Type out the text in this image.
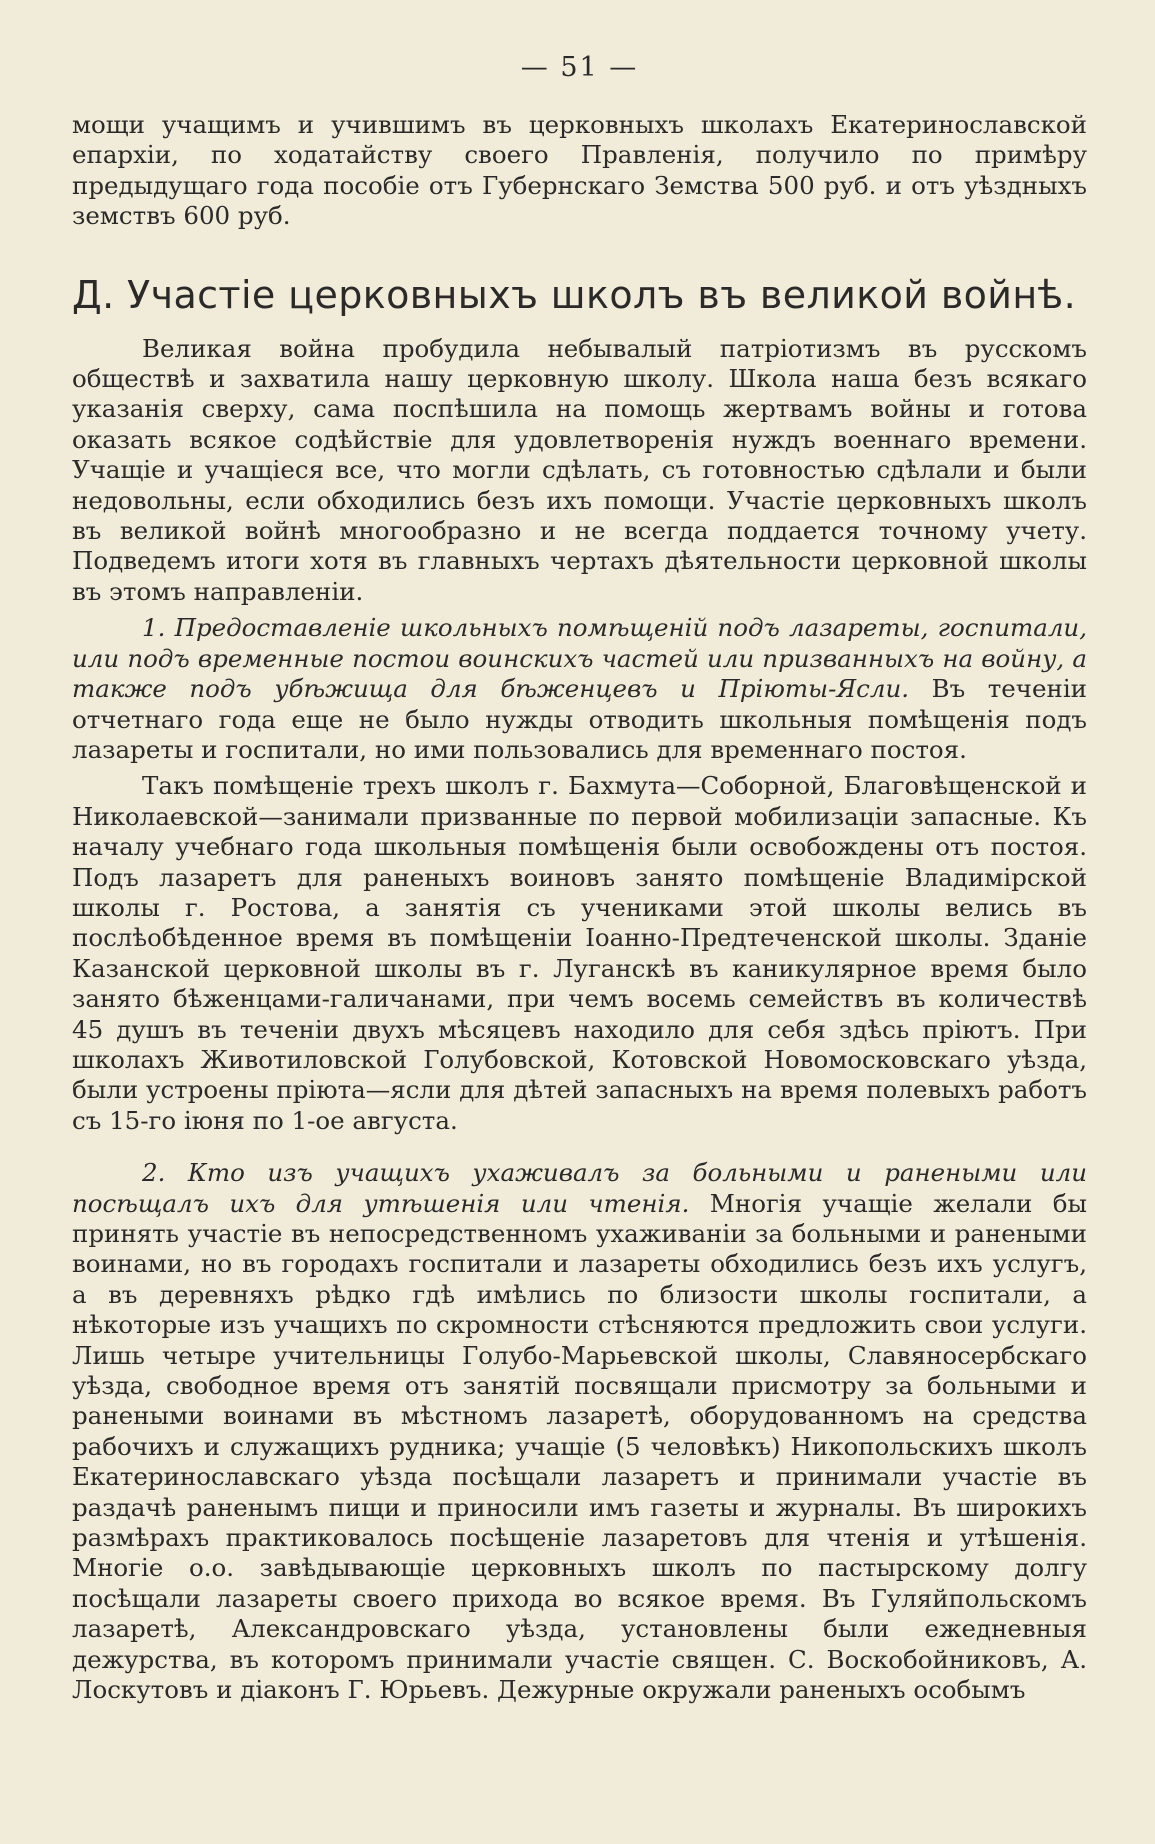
— 51 —

мощи учащимъ и учившимъ въ церковныхъ школахъ Екатеринославской епархіи, по ходатайству своего Правленія, получило по примѣру предыдущаго года пособіе отъ Губернскаго Земства 500 руб. и отъ уѣздныхъ земствъ 600 руб.

Д. Участіе церковныхъ школъ въ великой войнѣ.

Великая война пробудила небывалый патріотизмъ въ русскомъ обществѣ и захватила нашу церковную школу. Школа наша безъ всякаго указанія сверху, сама поспѣшила на помощь жертвамъ войны и готова оказать всякое содѣйствіе для удовлетворенія нуждъ военнаго времени. Учащіе и учащіеся все, что могли сдѣлать, съ готовностью сдѣлали и были недовольны, если обходились безъ ихъ помощи. Участіе церковныхъ школъ въ великой войнѣ многообразно и не всегда поддается точному учету. Подведемъ итоги хотя въ главныхъ чертахъ дѣятельности церковной школы въ этомъ направленіи.

1. Предоставленіе школьныхъ помѣщеній подъ лазареты, госпитали, или подъ временные постои воинскихъ частей или призванныхъ на войну, а также подъ убѣжища для бѣженцевъ и Пріюты-Ясли. Въ теченіи отчетнаго года еще не было нужды отводить школьныя помѣщенія подъ лазареты и госпитали, но ими пользовались для временнаго постоя.

Такъ помѣщеніе трехъ школъ г. Бахмута—Соборной, Благовѣщенской и Николаевской—занимали призванные по первой мобилизаціи запасные. Къ началу учебнаго года школьныя помѣщенія были освобождены отъ постоя. Подъ лазаретъ для раненыхъ воиновъ занято помѣщеніе Владимірской школы г. Ростова, а занятія съ учениками этой школы велись въ послѣобѣденное время въ помѣщеніи Іоанно-Предтеченской школы. Зданіе Казанской церковной школы въ г. Луганскѣ въ каникулярное время было занято бѣженцами-галичанами, при чемъ восемь семействъ въ количествѣ 45 душъ въ теченіи двухъ мѣсяцевъ находило для себя здѣсь пріютъ. При школахъ Животиловской Голубовской, Котовской Новомосковскаго уѣзда, были устроены пріюта—ясли для дѣтей запасныхъ на время полевыхъ работъ съ 15-го іюня по 1-ое августа.

2. Кто изъ учащихъ ухаживалъ за больными и ранеными или посѣщалъ ихъ для утѣшенія или чтенія. Многія учащіе желали бы принять участіе въ непосредственномъ ухаживаніи за больными и ранеными воинами, но въ городахъ госпитали и лазареты обходились безъ ихъ услугъ, а въ деревняхъ рѣдко гдѣ имѣлись по близости школы госпитали, а нѣкоторые изъ учащихъ по скромности стѣсняются предложить свои услуги. Лишь четыре учительницы Голубо-Марьевской школы, Славяносербскаго уѣзда, свободное время отъ занятій посвящали присмотру за больными и ранеными воинами въ мѣстномъ лазаретѣ, оборудованномъ на средства рабочихъ и служащихъ рудника; учащіе (5 человѣкъ) Никопольскихъ школъ Екатеринославскаго уѣзда посѣщали лазаретъ и принимали участіе въ раздачѣ раненымъ пищи и приносили имъ газеты и журналы. Въ широкихъ размѣрахъ практиковалось посѣщеніе лазаретовъ для чтенія и утѣшенія. Многіе о.о. завѣдывающіе церковныхъ школъ по пастырскому долгу посѣщали лазареты своего прихода во всякое время. Въ Гуляйпольскомъ лазаретѣ, Александровскаго уѣзда, установлены были ежедневныя дежурства, въ которомъ принимали участіе священ. С. Воскобойниковъ, А. Лоскутовъ и діаконъ Г. Юрьевъ. Дежурные окружали раненыхъ особымъ
